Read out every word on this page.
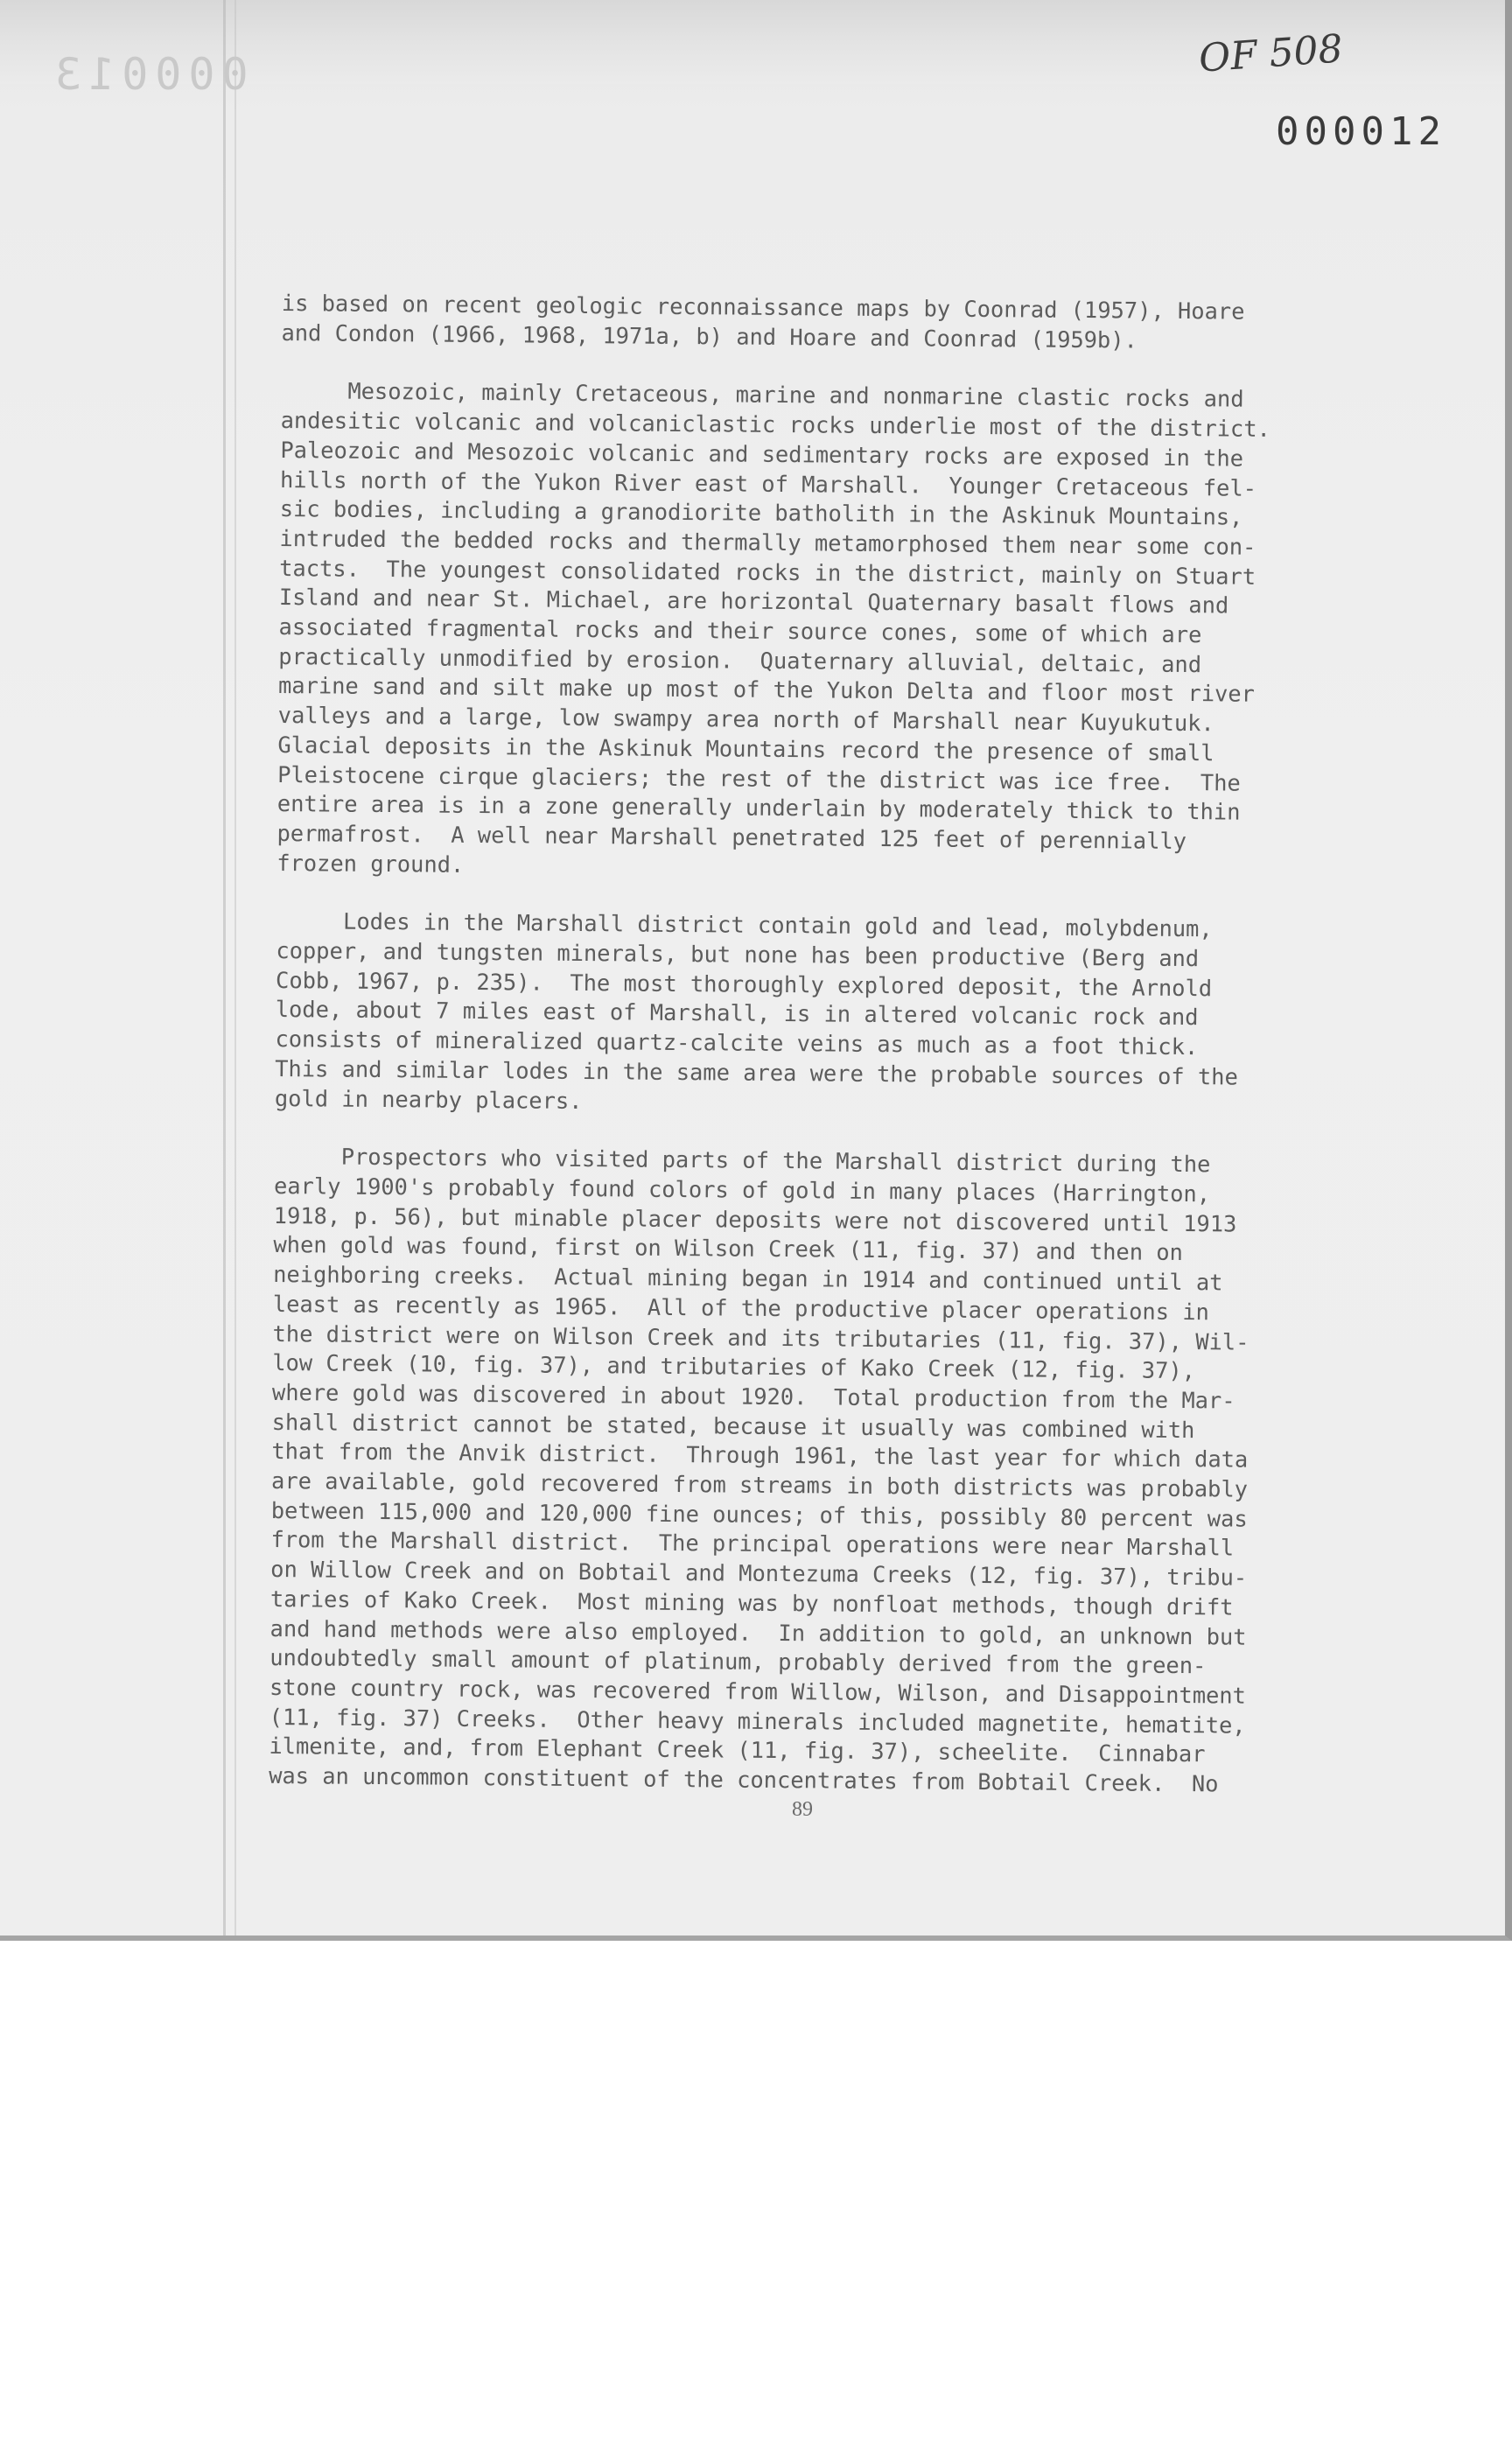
000013	OF 508
000012
is based on recent geologic reconnaissance maps by Coonrad (1957), Hoare
and Condon (1966, 1968, 1971a, b) and Hoare and Coonrad (1959b).
Mesozoic, mainly Cretaceous, marine and nonmarine clastic rocks and
andesitic volcanic and volcaniclastic rocks underlie most of the district.
Paleozoic and Mesozoic volcanic and sedimentary rocks are exposed in the
hills north of the Yukon River east of Marshall.  Younger Cretaceous fel-
sic bodies, including a granodiorite batholith in the Askinuk Mountains,
intruded the bedded rocks and thermally metamorphosed them near some con-
tacts.  The youngest consolidated rocks in the district, mainly on Stuart
Island and near St. Michael, are horizontal Quaternary basalt flows and
associated fragmental rocks and their source cones, some of which are
practically unmodified by erosion.  Quaternary alluvial, deltaic, and
marine sand and silt make up most of the Yukon Delta and floor most river
valleys and a large, low swampy area north of Marshall near Kuyukutuk.
Glacial deposits in the Askinuk Mountains record the presence of small
Pleistocene cirque glaciers; the rest of the district was ice free.  The
entire area is in a zone generally underlain by moderately thick to thin
permafrost.  A well near Marshall penetrated 125 feet of perennially
frozen ground.
Lodes in the Marshall district contain gold and lead, molybdenum,
copper, and tungsten minerals, but none has been productive (Berg and
Cobb, 1967, p. 235).  The most thoroughly explored deposit, the Arnold
lode, about 7 miles east of Marshall, is in altered volcanic rock and
consists of mineralized quartz-calcite veins as much as a foot thick.
This and similar lodes in the same area were the probable sources of the
gold in nearby placers.
Prospectors who visited parts of the Marshall district during the
early 1900's probably found colors of gold in many places (Harrington,
1918, p. 56), but minable placer deposits were not discovered until 1913
when gold was found, first on Wilson Creek (11, fig. 37) and then on
neighboring creeks.  Actual mining began in 1914 and continued until at
least as recently as 1965.  All of the productive placer operations in
the district were on Wilson Creek and its tributaries (11, fig. 37), Wil-
low Creek (10, fig. 37), and tributaries of Kako Creek (12, fig. 37),
where gold was discovered in about 1920.  Total production from the Mar-
shall district cannot be stated, because it usually was combined with
that from the Anvik district.  Through 1961, the last year for which data
are available, gold recovered from streams in both districts was probably
between 115,000 and 120,000 fine ounces; of this, possibly 80 percent was
from the Marshall district.  The principal operations were near Marshall
on Willow Creek and on Bobtail and Montezuma Creeks (12, fig. 37), tribu-
taries of Kako Creek.  Most mining was by nonfloat methods, though drift
and hand methods were also employed.  In addition to gold, an unknown but
undoubtedly small amount of platinum, probably derived from the green-
stone country rock, was recovered from Willow, Wilson, and Disappointment
(11, fig. 37) Creeks.  Other heavy minerals included magnetite, hematite,
ilmenite, and, from Elephant Creek (11, fig. 37), scheelite.  Cinnabar
was an uncommon constituent of the concentrates from Bobtail Creek.  No
89
